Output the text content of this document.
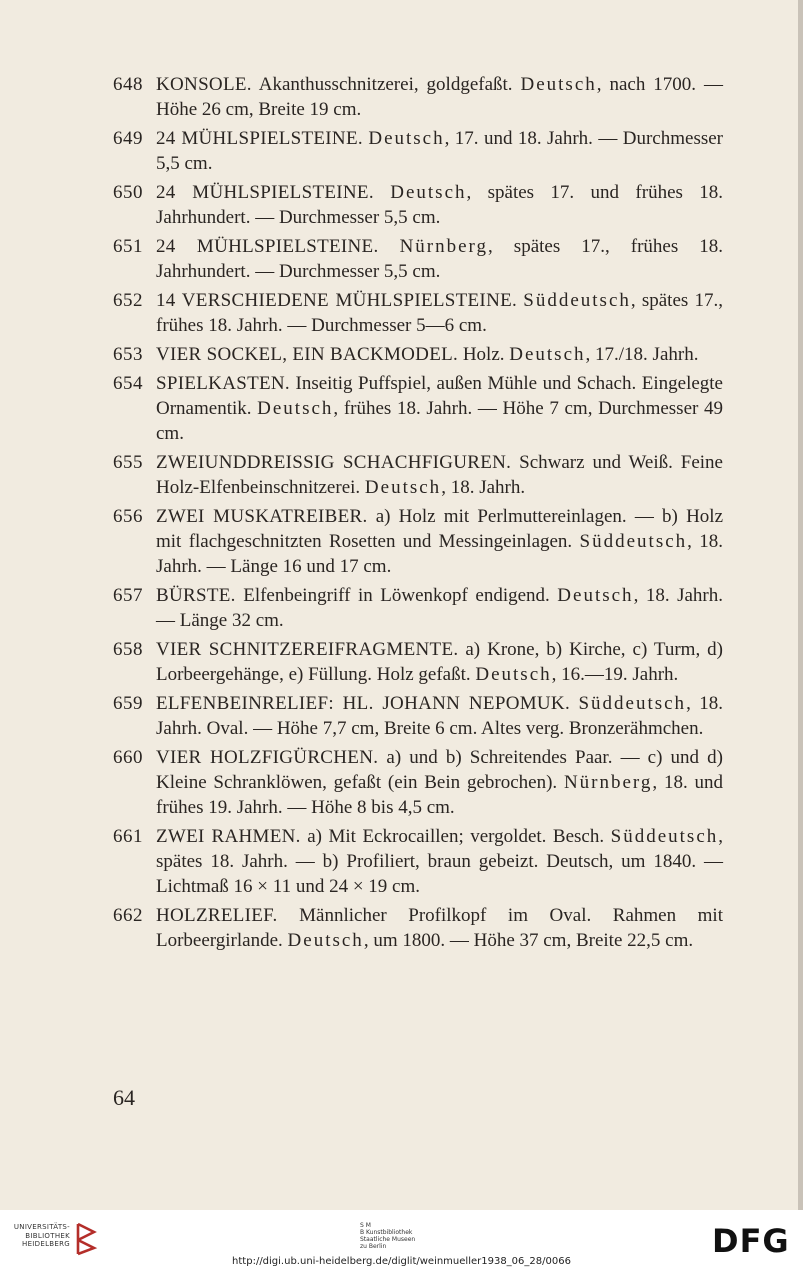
648 KONSOLE. Akanthusschnitzerei, goldgefaßt. Deutsch, nach 1700. — Höhe 26 cm, Breite 19 cm.
649 24 MÜHLSPIELSTEINE. Deutsch, 17. und 18. Jahrh. — Durchmesser 5,5 cm.
650 24 MÜHLSPIELSTEINE. Deutsch, spätes 17. und frühes 18. Jahrhundert. — Durchmesser 5,5 cm.
651 24 MÜHLSPIELSTEINE. Nürnberg, spätes 17., frühes 18. Jahrhundert. — Durchmesser 5,5 cm.
652 14 VERSCHIEDENE MÜHLSPIELSTEINE. Süddeutsch, spätes 17., frühes 18. Jahrh. — Durchmesser 5—6 cm.
653 VIER SOCKEL, EIN BACKMODEL. Holz. Deutsch, 17./18. Jahrh.
654 SPIELKASTEN. Inseitig Puffspiel, außen Mühle und Schach. Eingelegte Ornamentik. Deutsch, frühes 18. Jahrh. — Höhe 7 cm, Durchmesser 49 cm.
655 ZWEIUNDDREISSIG SCHACHFIGUREN. Schwarz und Weiß. Feine Holz-Elfenbeinschnitzerei. Deutsch, 18. Jahrh.
656 ZWEI MUSKATREIBER. a) Holz mit Perlmuttereinlagen. — b) Holz mit flachgeschnitzten Rosetten und Messingeinlagen. Süddeutsch, 18. Jahrh. — Länge 16 und 17 cm.
657 BÜRSTE. Elfenbeingriff in Löwenkopf endigend. Deutsch, 18. Jahrh. — Länge 32 cm.
658 VIER SCHNITZEREIFRAGMENTE. a) Krone, b) Kirche, c) Turm, d) Lorbeergehänge, e) Füllung. Holz gefaßt. Deutsch, 16.—19. Jahrh.
659 ELFENBEINRELIEF: HL. JOHANN NEPOMUK. Süddeutsch, 18. Jahrh. Oval. — Höhe 7,7 cm, Breite 6 cm. Altes verg. Bronzerähmchen.
660 VIER HOLZFIGÜRCHEN. a) und b) Schreitendes Paar. — c) und d) Kleine Schranklöwen, gefaßt (ein Bein gebrochen). Nürnberg, 18. und frühes 19. Jahrh. — Höhe 8 bis 4,5 cm.
661 ZWEI RAHMEN. a) Mit Eckrocaillen; vergoldet. Besch. Süddeutsch, spätes 18. Jahrh. — b) Profiliert, braun gebeizt. Deutsch, um 1840. — Lichtmaß 16 × 11 und 24 × 19 cm.
662 HOLZRELIEF. Männlicher Profilkopf im Oval. Rahmen mit Lorbeergirlande. Deutsch, um 1800. — Höhe 37 cm, Breite 22,5 cm.
64
UNIVERSITÄTS-
BIBLIOTHEK
HEIDELBERG
S M
B Kunstbibliothek
Staatliche Museen
zu Berlin	DFG
http://digi.ub.uni-heidelberg.de/diglit/weinmueller1938_06_28/0066
